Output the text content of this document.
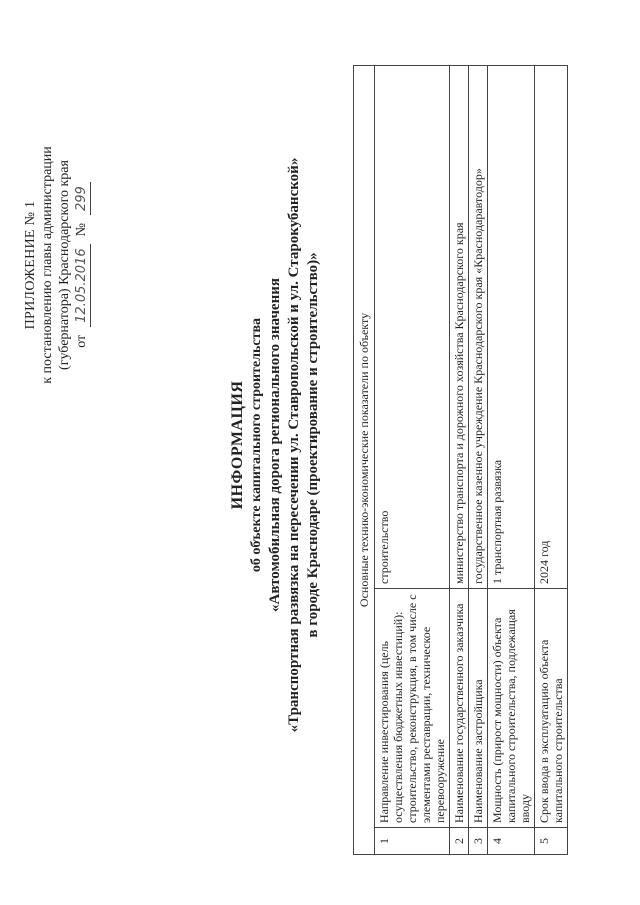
ПРИЛОЖЕНИЕ № 1 к постановлению главы администрации (губернатора) Краснодарского края от
12.05.2016
№
299
ИНФОРМАЦИЯ об объекте капитального строительства «Автомобильная дорога регионального значения «Транспортная развязка на пересечении ул. Ставропольской и ул. Старокубанской» в городе Краснодаре (проектирование и строительство)»	Основные технико-экономические показатели по объекту		
1	Направление инвестирования (цель осуществления бюджетных инвестиций): строительство, реконструкция, в том числе с элементами реставрации, техническое перевооружение	строительство
2	Наименование государственного заказчика	министерство транспорта и дорожного хозяйства Краснодарского края
3	Наименование застройщика	государственное казенное учреждение Краснодарского края «Краснодаравтодор»
4	Мощность (прирост мощности) объекта капитального строительства, подлежащая вводу	1 транспортная развязка
5	Срок ввода в эксплуатацию объекта капитального строительства	2024 год
